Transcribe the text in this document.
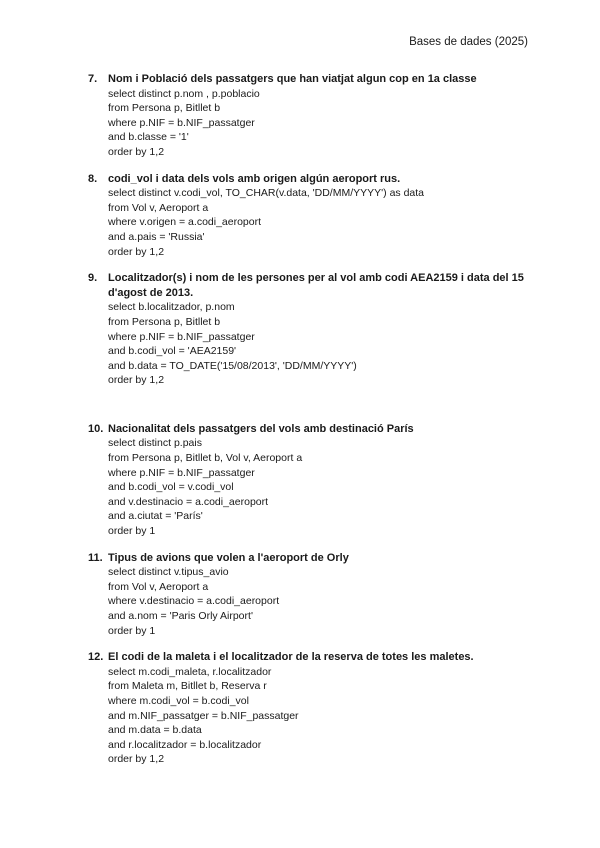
Bases de dades (2025)
7. Nom i Població dels passatgers que han viatjat algun cop en 1a classe
select distinct p.nom , p.poblacio
from Persona p, Bitllet b
where p.NIF = b.NIF_passatger
and b.classe = '1'
order by 1,2
8. codi_vol i data dels vols amb origen algún aeroport rus.
select distinct v.codi_vol, TO_CHAR(v.data, 'DD/MM/YYYY') as data
from Vol v, Aeroport a
where v.origen = a.codi_aeroport
and a.pais = 'Russia'
order by 1,2
9. Localitzador(s) i nom de les persones per al vol amb codi AEA2159 i data del 15 d'agost de 2013.
select b.localitzador, p.nom
from Persona p, Bitllet b
where p.NIF = b.NIF_passatger
and b.codi_vol = 'AEA2159'
and b.data = TO_DATE('15/08/2013', 'DD/MM/YYYY')
order by 1,2
10. Nacionalitat dels passatgers del vols amb destinació París
select distinct p.pais
from Persona p, Bitllet b, Vol v, Aeroport a
where p.NIF = b.NIF_passatger
and b.codi_vol = v.codi_vol
and v.destinacio = a.codi_aeroport
and a.ciutat = 'París'
order by 1
11. Tipus de avions que volen a l'aeroport de Orly
select distinct v.tipus_avio
from Vol v, Aeroport a
where v.destinacio = a.codi_aeroport
and a.nom = 'Paris Orly Airport'
order by 1
12. El codi de la maleta i el localitzador de la reserva de totes les maletes.
select m.codi_maleta, r.localitzador
from Maleta m, Bitllet b, Reserva r
where m.codi_vol = b.codi_vol
and m.NIF_passatger = b.NIF_passatger
and m.data = b.data
and r.localitzador = b.localitzador
order by 1,2
